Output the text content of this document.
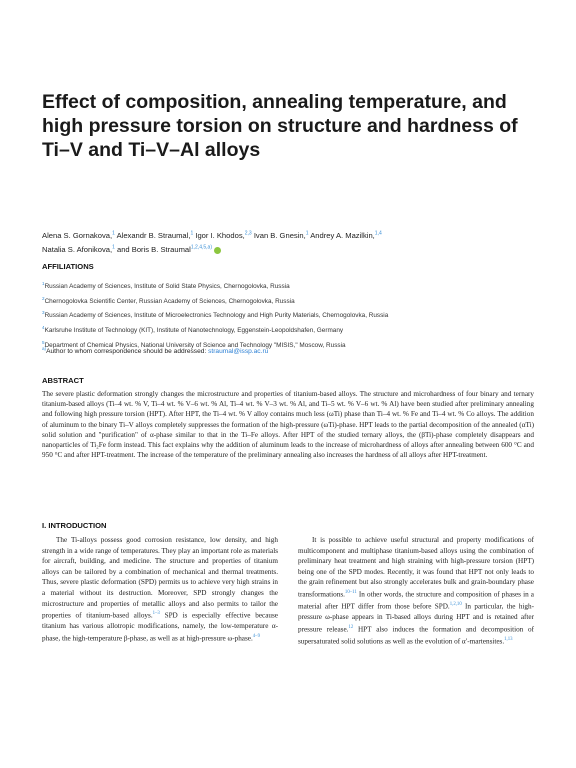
Effect of composition, annealing temperature, and high pressure torsion on structure and hardness of Ti–V and Ti–V–Al alloys
Alena S. Gornakova,$^1$ Alexandr B. Straumal,$^1$ Igor I. Khodos,$^{2,3}$ Ivan B. Gnesin,$^1$ Andrey A. Mazilkin,$^{1,4}$
Natalia S. Afonikova,$^1$ and Boris B. Straumal$^{1,2,4,5,a)}$
AFFILIATIONS
$^1$Russian Academy of Sciences, Institute of Solid State Physics, Chernogolovka, Russia
$^2$Chernogolovka Scientific Center, Russian Academy of Sciences, Chernogolovka, Russia
$^3$Russian Academy of Sciences, Institute of Microelectronics Technology and High Purity Materials, Chernogolovka, Russia
$^4$Karlsruhe Institute of Technology (KIT), Institute of Nanotechnology, Eggenstein-Leopoldshafen, Germany
$^5$Department of Chemical Physics, National University of Science and Technology "MISIS," Moscow, Russia
$^{a)}$Author to whom correspondence should be addressed: straumal@issp.ac.ru
ABSTRACT

The severe plastic deformation strongly changes the microstructure and properties of titanium-based alloys. The structure and microhardness of four binary and ternary titanium-based alloys (Ti–4 wt. % V, Ti–4 wt. % V–6 wt. % Al, Ti–4 wt. % V–3 wt. % Al, and Ti–5 wt. % V–6 wt. % Al) have been studied after preliminary annealing and following high pressure torsion (HPT). After HPT, the Ti–4 wt. % V alloy contains much less (ωTi) phase than Ti–4 wt. % Fe and Ti–4 wt. % Co alloys. The addition of aluminum to the binary Ti–V alloys completely suppresses the formation of the high-pressure (ωTi)-phase. HPT leads to the partial decomposition of the annealed (αTi) solid solution and "purification" of α-phase similar to that in the Ti–Fe alloys. After HPT of the studied ternary alloys, the (βTi)-phase completely disappears and nanoparticles of Ti₂Fe form instead. This fact explains why the addition of aluminum leads to the increase of microhardness of alloys after annealing between 600 °C and 950 °C and after HPT-treatment. The increase of the temperature of the preliminary annealing also increases the hardness of all alloys after HPT-treatment.

I. INTRODUCTION

The Ti-alloys possess good corrosion resistance, low density, and high strength in a wide range of temperatures. They play an important role as materials for aircraft, building, and medicine. The structure and properties of titanium alloys can be tailored by a combination of mechanical and thermal treatments. Thus, severe plastic deformation (SPD) permits us to achieve very high strains in a material without its destruction. Moreover, SPD strongly changes the microstructure and properties of metallic alloys and also permits to tailor the properties of titanium-based alloys.$^{1-3}$ SPD is especially effective because titanium has various allotropic modifications, namely, the low-temperature α-phase, the high-temperature β-phase, as well as at high-pressure ω-phase.$^{4-9}$

It is possible to achieve useful structural and property modifications of multicomponent and multiphase titanium-based alloys using the combination of preliminary heat treatment and high straining with high-pressure torsion (HPT) being one of the SPD modes. Recently, it was found that HPT not only leads to the grain refinement but also strongly accelerates bulk and grain-boundary phase transformations.$^{10-11}$ In other words, the structure and composition of phases in a material after HPT differ from those before SPD.$^{1,2,10}$ In particular, the high-pressure ω-phase appears in Ti-based alloys during HPT and is retained after pressure release.$^{12}$ HPT also induces the formation and decomposition of supersaturated solid solutions as well as the evolution of α′-martensites.$^{1,13}$
